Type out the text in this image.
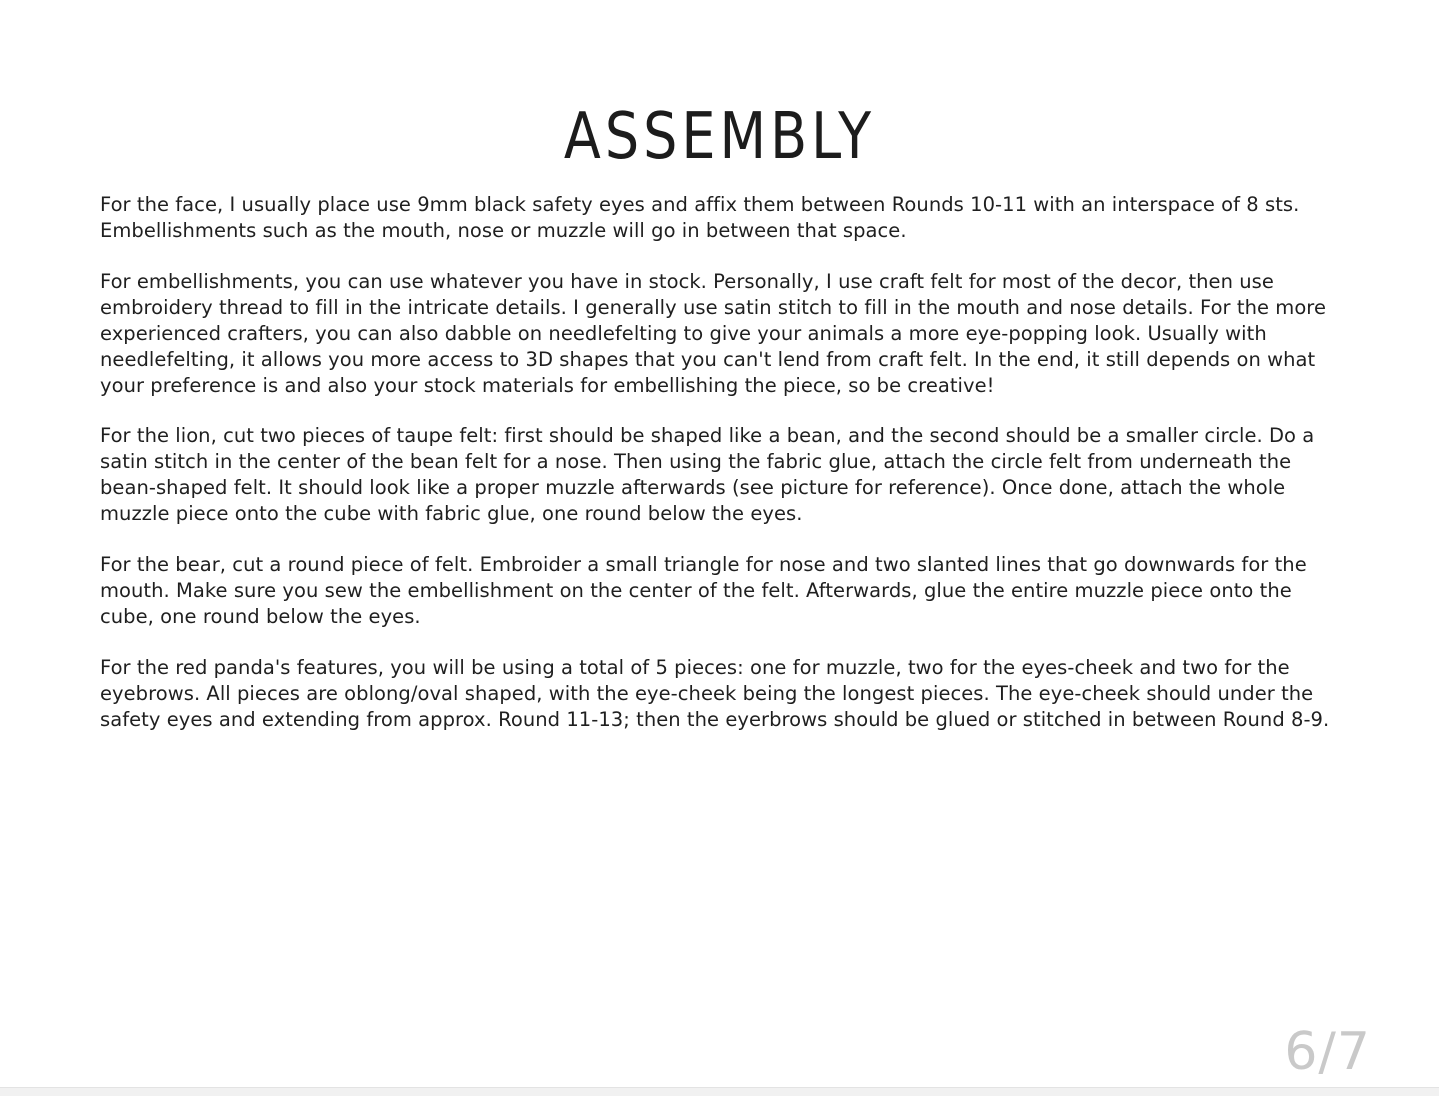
ASSEMBLY

For the face, I usually place use 9mm black safety eyes and affix them between Rounds 10-11 with an interspace of 8 sts. Embellishments such as the mouth, nose or muzzle will go in between that space.

For embellishments, you can use whatever you have in stock. Personally, I use craft felt for most of the decor, then use embroidery thread to fill in the intricate details. I generally use satin stitch to fill in the mouth and nose details. For the more experienced crafters, you can also dabble on needlefelting to give your animals a more eye-popping look. Usually with needlefelting, it allows you more access to 3D shapes that you can't lend from craft felt. In the end, it still depends on what your preference is and also your stock materials for embellishing the piece, so be creative!

For the lion, cut two pieces of taupe felt: first should be shaped like a bean, and the second should be a smaller circle. Do a satin stitch in the center of the bean felt for a nose. Then using the fabric glue, attach the circle felt from underneath the bean-shaped felt. It should look like a proper muzzle afterwards (see picture for reference). Once done, attach the whole muzzle piece onto the cube with fabric glue, one round below the eyes.

For the bear, cut a round piece of felt. Embroider a small triangle for nose and two slanted lines that go downwards for the mouth. Make sure you sew the embellishment on the center of the felt. Afterwards, glue the entire muzzle piece onto the cube, one round below the eyes.

For the red panda's features, you will be using a total of 5 pieces: one for muzzle, two for the eyes-cheek and two for the eyebrows. All pieces are oblong/oval shaped, with the eye-cheek being the longest pieces. The eye-cheek should under the safety eyes and extending from approx. Round 11-13; then the eyerbrows should be glued or stitched in between Round 8-9.

6/7
